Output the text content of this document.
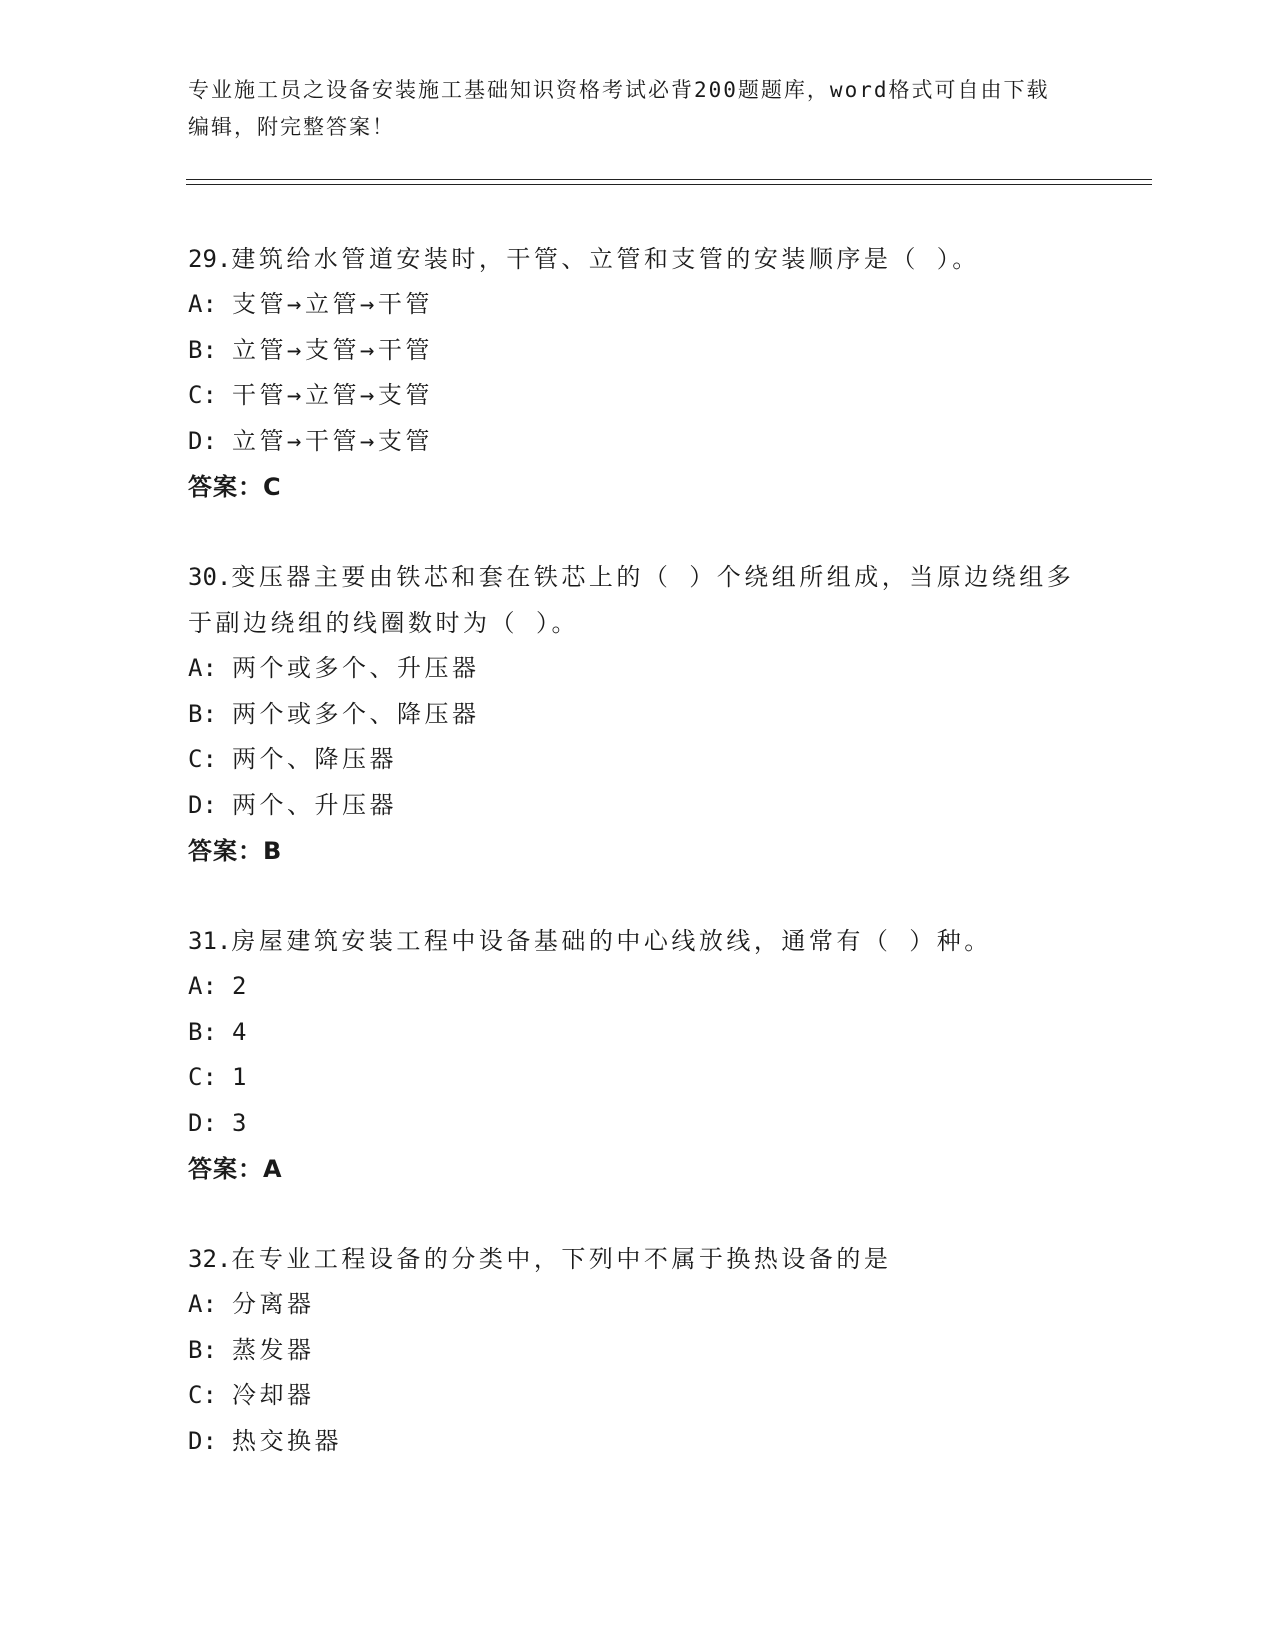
专业施工员之设备安装施工基础知识资格考试必背200题题库，word格式可自由下载编辑，附完整答案！
29.建筑给水管道安装时，干管、立管和支管的安装顺序是（ ）。
A: 支管→立管→干管
B: 立管→支管→干管
C: 干管→立管→支管
D: 立管→干管→支管
答案：C
30.变压器主要由铁芯和套在铁芯上的（ ）个绕组所组成，当原边绕组多于副边绕组的线圈数时为（ ）。
A: 两个或多个、升压器
B: 两个或多个、降压器
C: 两个、降压器
D: 两个、升压器
答案：B
31.房屋建筑安装工程中设备基础的中心线放线，通常有（ ）种。
A: 2
B: 4
C: 1
D: 3
答案：A
32.在专业工程设备的分类中，下列中不属于换热设备的是
A: 分离器
B: 蒸发器
C: 冷却器
D: 热交换器
